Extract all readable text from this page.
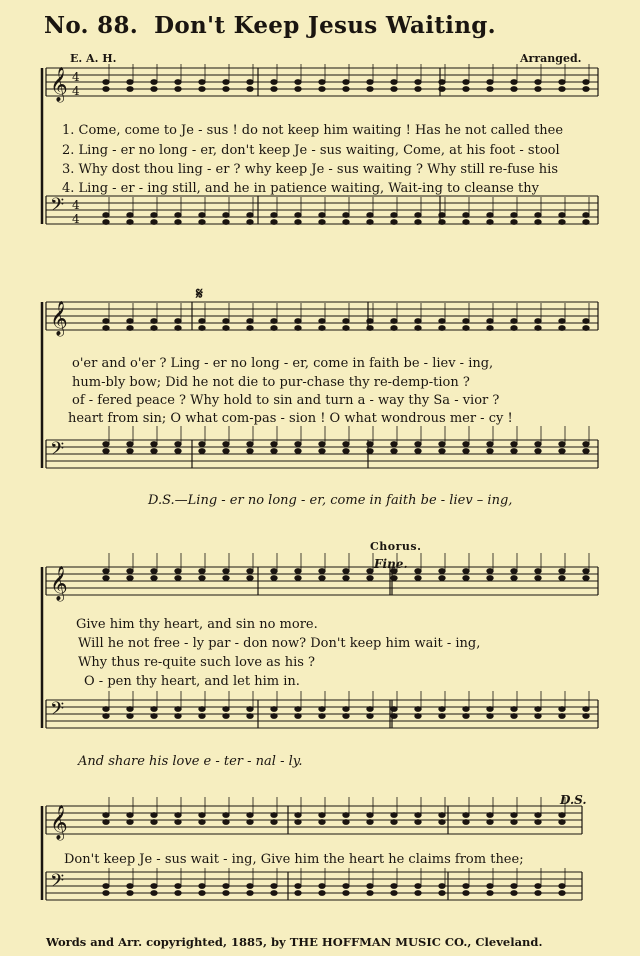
No. 88. Don't Keep Jesus Waiting.
E. A. H.	Arranged.
𝄞 4
4
𝄢 4
4
𝄞
𝄢
𝄞
𝄢
𝄞
𝄢
1. Come, come to Je - sus ! do not keep him waiting ! Has he not called thee
2. Ling - er no long - er, don't keep Je - sus waiting, Come, at his foot - stool
3. Why dost thou ling - er ? why keep Je - sus waiting ? Why still re-fuse his
4. Ling - er - ing still, and he in patience waiting, Wait-ing to cleanse thy
𝄋
o'er and o'er ? Ling - er no long - er, come in faith be - liev - ing,
hum-bly bow; Did he not die to pur-chase thy re-demp-tion ?
of - fered peace ? Why hold to sin and turn a - way thy Sa - vior ?
heart from sin; O what com-pas - sion ! O what wondrous mer - cy !
D.S.—Ling - er no long - er, come in faith be - liev – ing,
Chorus.
Fine.
Give him thy heart, and sin no more.
Will he not free - ly par - don now? Don't keep him wait - ing,
Why thus re-quite such love as his ?
O - pen thy heart, and let him in.
And share his love e - ter - nal - ly.
D.S.
Don't keep Je - sus wait - ing, Give him the heart he claims from thee;
Words and Arr. copyrighted, 1885, by THE HOFFMAN MUSIC CO., Cleveland.
